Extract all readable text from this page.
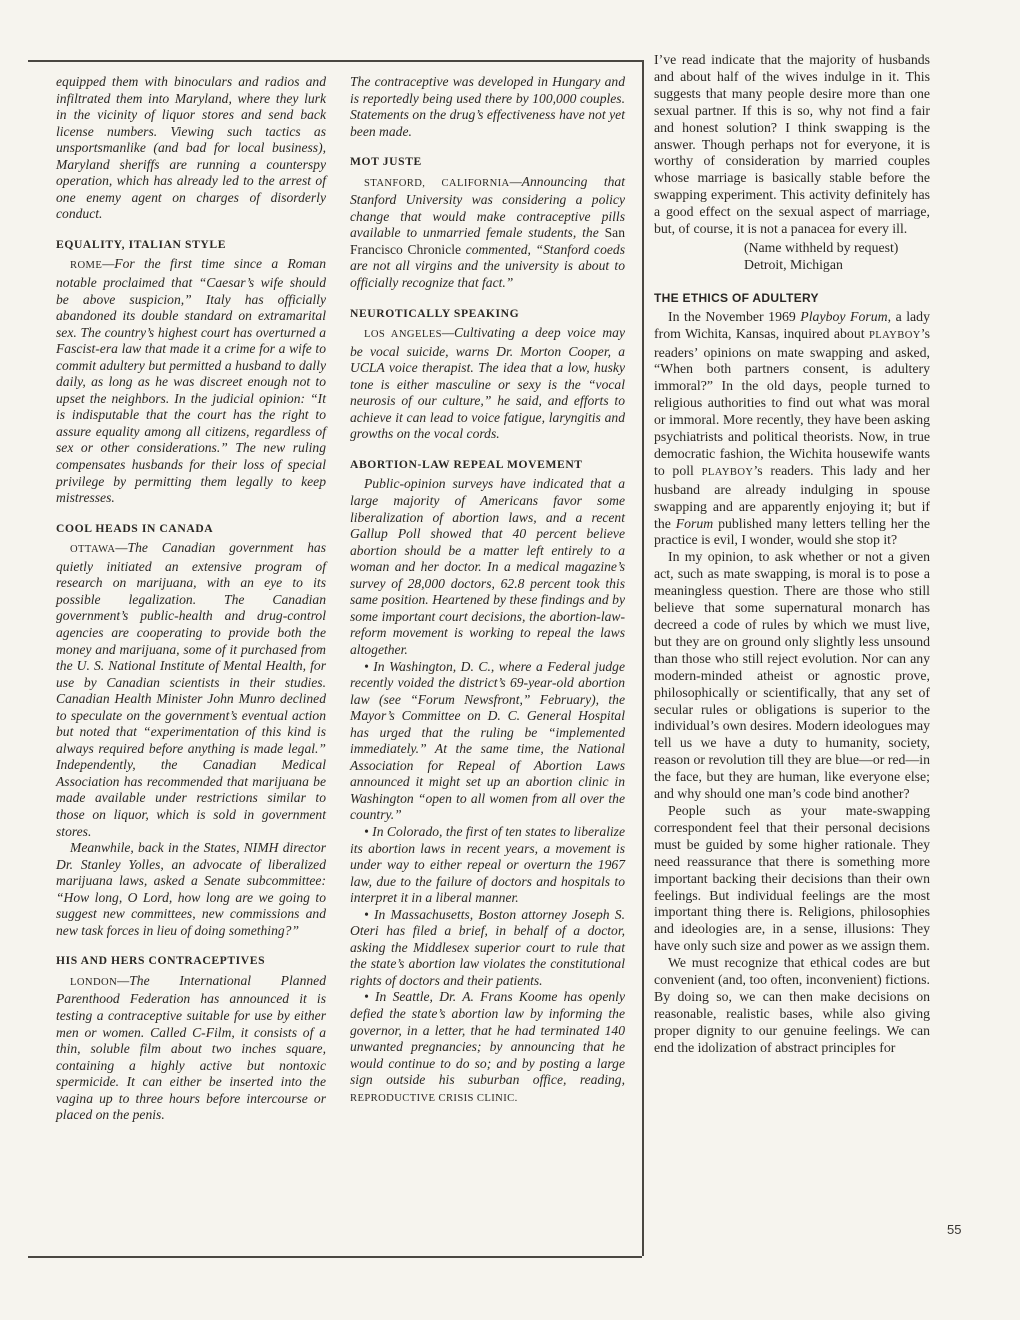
equipped them with binoculars and radios and infiltrated them into Maryland, where they lurk in the vicinity of liquor stores and send back license numbers. Viewing such tactics as unsportsmanlike (and bad for local business), Maryland sheriffs are running a counterspy operation, which has already led to the arrest of one enemy agent on charges of disorderly conduct.

EQUALITY, ITALIAN STYLE

ROME—For the first time since a Roman notable proclaimed that “Caesar’s wife should be above suspicion,” Italy has officially abandoned its double standard on extramarital sex. The country’s highest court has overturned a Fascist-era law that made it a crime for a wife to commit adultery but permitted a husband to dally daily, as long as he was discreet enough not to upset the neighbors. In the judicial opinion: “It is indisputable that the court has the right to assure equality among all citizens, regardless of sex or other considerations.” The new ruling compensates husbands for their loss of special privilege by permitting them legally to keep mistresses.

COOL HEADS IN CANADA

OTTAWA—The Canadian government has quietly initiated an extensive program of research on marijuana, with an eye to its possible legalization. The Canadian government’s public-health and drug-control agencies are cooperating to provide both the money and marijuana, some of it purchased from the U. S. National Institute of Mental Health, for use by Canadian scientists in their studies. Canadian Health Minister John Munro declined to speculate on the government’s eventual action but noted that “experimentation of this kind is always required before anything is made legal.” Independently, the Canadian Medical Association has recommended that marijuana be made available under restrictions similar to those on liquor, which is sold in government stores.

Meanwhile, back in the States, NIMH director Dr. Stanley Yolles, an advocate of liberalized marijuana laws, asked a Senate subcommittee: “How long, O Lord, how long are we going to suggest new committees, new commissions and new task forces in lieu of doing something?”

HIS AND HERS CONTRACEPTIVES

LONDON—The International Planned Parenthood Federation has announced it is testing a contraceptive suitable for use by either men or women. Called C-Film, it consists of a thin, soluble film about two inches square, containing a highly active but nontoxic spermicide. It can either be inserted into the vagina up to three hours before intercourse or placed on the penis.

The contraceptive was developed in Hungary and is reportedly being used there by 100,000 couples. Statements on the drug’s effectiveness have not yet been made.

MOT JUSTE

STANFORD, CALIFORNIA—Announcing that Stanford University was considering a policy change that would make contraceptive pills available to unmarried female students, the San Francisco Chronicle commented, “Stanford coeds are not all virgins and the university is about to officially recognize that fact.”

NEUROTICALLY SPEAKING

LOS ANGELES—Cultivating a deep voice may be vocal suicide, warns Dr. Morton Cooper, a UCLA voice therapist. The idea that a low, husky tone is either masculine or sexy is the “vocal neurosis of our culture,” he said, and efforts to achieve it can lead to voice fatigue, laryngitis and growths on the vocal cords.

ABORTION-LAW REPEAL MOVEMENT

Public-opinion surveys have indicated that a large majority of Americans favor some liberalization of abortion laws, and a recent Gallup Poll showed that 40 percent believe abortion should be a matter left entirely to a woman and her doctor. In a medical magazine’s survey of 28,000 doctors, 62.8 percent took this same position. Heartened by these findings and by some important court decisions, the abortion-law-reform movement is working to repeal the laws altogether.

• In Washington, D. C., where a Federal judge recently voided the district’s 69-year-old abortion law (see “Forum Newsfront,” February), the Mayor’s Committee on D. C. General Hospital has urged that the ruling be “implemented immediately.” At the same time, the National Association for Repeal of Abortion Laws announced it might set up an abortion clinic in Washington “open to all women from all over the country.”

• In Colorado, the first of ten states to liberalize its abortion laws in recent years, a movement is under way to either repeal or overturn the 1967 law, due to the failure of doctors and hospitals to interpret it in a liberal manner.

• In Massachusetts, Boston attorney Joseph S. Oteri has filed a brief, in behalf of a doctor, asking the Middlesex superior court to rule that the state’s abortion law violates the constitutional rights of doctors and their patients.

• In Seattle, Dr. A. Frans Koome has openly defied the state’s abortion law by informing the governor, in a letter, that he had terminated 140 unwanted pregnancies; by announcing that he would continue to do so; and by posting a large sign outside his suburban office, reading, REPRODUCTIVE CRISIS CLINIC.

I’ve read indicate that the majority of husbands and about half of the wives indulge in it. This suggests that many people desire more than one sexual partner. If this is so, why not find a fair and honest solution? I think swapping is the answer. Though perhaps not for everyone, it is worthy of consideration by married couples whose marriage is basically stable before the swapping experiment. This activity definitely has a good effect on the sexual aspect of marriage, but, of course, it is not a panacea for every ill.

(Name withheld by request)

Detroit, Michigan

THE ETHICS OF ADULTERY

In the November 1969 Playboy Forum, a lady from Wichita, Kansas, inquired about PLAYBOY’s readers’ opinions on mate swapping and asked, “When both partners consent, is adultery immoral?” In the old days, people turned to religious authorities to find out what was moral or immoral. More recently, they have been asking psychiatrists and political theorists. Now, in true democratic fashion, the Wichita housewife wants to poll PLAYBOY’s readers. This lady and her husband are already indulging in spouse swapping and are apparently enjoying it; but if the Forum published many letters telling her the practice is evil, I wonder, would she stop it?

In my opinion, to ask whether or not a given act, such as mate swapping, is moral is to pose a meaningless question. There are those who still believe that some supernatural monarch has decreed a code of rules by which we must live, but they are on ground only slightly less unsound than those who still reject evolution. Nor can any modern-minded atheist or agnostic prove, philosophically or scientifically, that any set of secular rules or obligations is superior to the individual’s own desires. Modern ideologues may tell us we have a duty to humanity, society, reason or revolution till they are blue—or red—in the face, but they are human, like everyone else; and why should one man’s code bind another?

People such as your mate-swapping correspondent feel that their personal decisions must be guided by some higher rationale. They need reassurance that there is something more important backing their decisions than their own feelings. But individual feelings are the most important thing there is. Religions, philosophies and ideologies are, in a sense, illusions: They have only such size and power as we assign them.

We must recognize that ethical codes are but convenient (and, too often, inconvenient) fictions. By doing so, we can then make decisions on reasonable, realistic bases, while also giving proper dignity to our genuine feelings. We can end the idolization of abstract principles for

55
